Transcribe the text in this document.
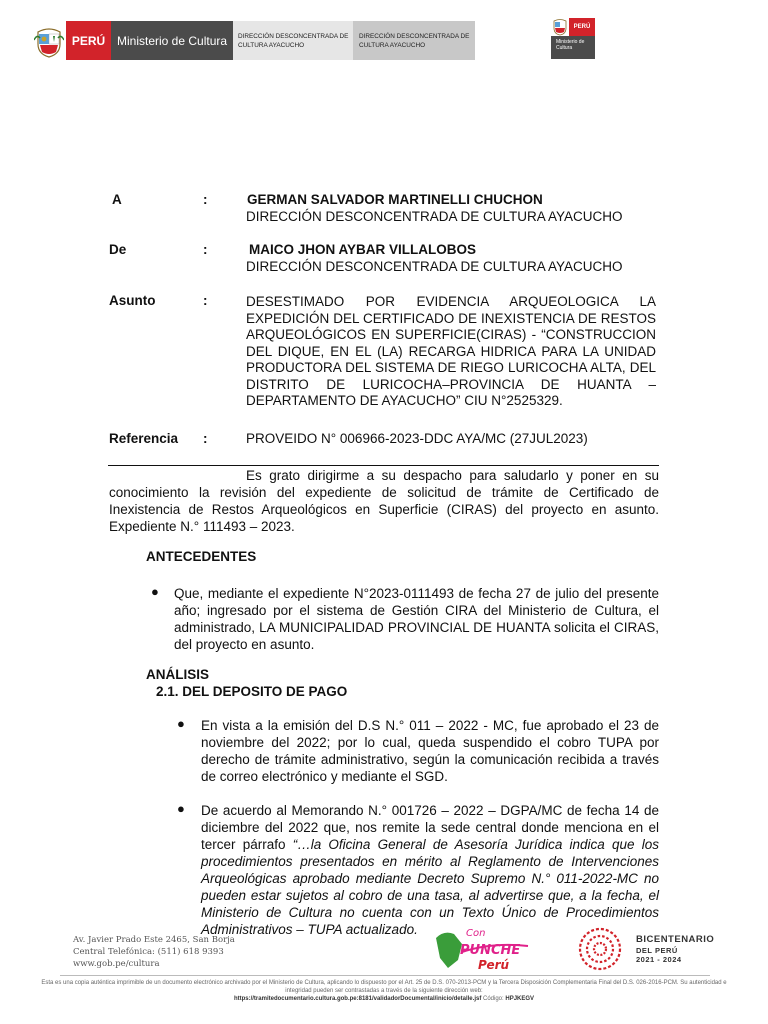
PERÚ Ministerio de Cultura	DIRECCIÓN DESCONCENTRADA DE CULTURA AYACUCHO
DIRECCIÓN DESCONCENTRADA DE CULTURA AYACUCHO
PERÚ
Ministerio de Cultura
A	:	GERMAN SALVADOR MARTINELLI CHUCHON
DIRECCIÓN DESCONCENTRADA DE CULTURA AYACUCHO
De	:	MAICO JHON AYBAR VILLALOBOS
DIRECCIÓN DESCONCENTRADA DE CULTURA AYACUCHO
Asunto	:	DESESTIMADO POR EVIDENCIA ARQUEOLOGICA LA EXPEDICIÓN DEL CERTIFICADO DE INEXISTENCIA DE RESTOS ARQUEOLÓGICOS EN SUPERFICIE(CIRAS) - “CONSTRUCCION DEL DIQUE, EN EL (LA) RECARGA HIDRICA PARA LA UNIDAD PRODUCTORA DEL SISTEMA DE RIEGO LURICOCHA ALTA, DEL DISTRITO DE LURICOCHA–PROVINCIA DE HUANTA – DEPARTAMENTO DE AYACUCHO” CIU N°2525329.
Referencia :	PROVEIDO N° 006966-2023-DDC AYA/MC (27JUL2023)
Es grato dirigirme a su despacho para saludarlo y poner en su conocimiento la revisión del expediente de solicitud de trámite de Certificado de Inexistencia de Restos Arqueológicos en Superficie (CIRAS) del proyecto en asunto. Expediente N.° 111493 – 2023.
ANTECEDENTES
● Que, mediante el expediente N°2023-0111493 de fecha 27 de julio del presente año; ingresado por el sistema de Gestión CIRA del Ministerio de Cultura, el administrado, LA MUNICIPALIDAD PROVINCIAL DE HUANTA solicita el CIRAS, del proyecto en asunto.
ANÁLISIS
2.1. DEL DEPOSITO DE PAGO
● En vista a la emisión del D.S N.° 011 – 2022 - MC, fue aprobado el 23 de noviembre del 2022; por lo cual, queda suspendido el cobro TUPA por derecho de trámite administrativo, según la comunicación recibida a través de correo electrónico y mediante el SGD.
● De acuerdo al Memorando N.° 001726 – 2022 – DGPA/MC de fecha 14 de diciembre del 2022 que, nos remite la sede central donde menciona en el tercer párrafo “…la Oficina General de Asesoría Jurídica indica que los procedimientos presentados en mérito al Reglamento de Intervenciones Arqueológicas aprobado mediante Decreto Supremo N.° 011-2022-MC no pueden estar sujetos al cobro de una tasa, al advertirse que, a la fecha, el Ministerio de Cultura no cuenta con un Texto Único de Procedimientos Administrativos – TUPA actualizado.
Av. Javier Prado Este 2465, San Borja
Central Telefónica: (511) 618 9393
www.gob.pe/cultura
Con
PUNCHE
Perú
BICENTENARIO
DEL PERÚ
2021 - 2024
Esta es una copia auténtica imprimible de un documento electrónico archivado por el Ministerio de Cultura, aplicando lo dispuesto por el Art. 25 de D.S. 070-2013-PCM y la Tercera Disposición Complementaria Final del D.S. 026-2016-PCM. Su autenticidad e integridad pueden ser contrastadas a través de la siguiente dirección web:
https://tramitedocumentario.cultura.gob.pe:8181/validadorDocumental/inicio/detalle.jsf Código: HPJKEGV
